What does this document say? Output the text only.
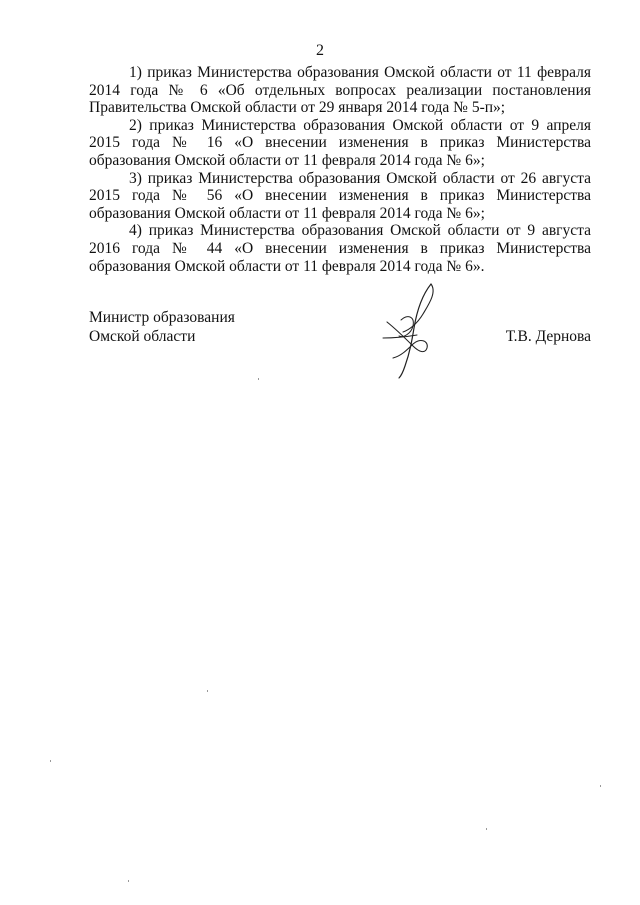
2

1) приказ Министерства образования Омской области от 11 февраля 2014 года № 6 «Об отдельных вопросах реализации постановления Правительства Омской области от 29 января 2014 года № 5-п»;

2) приказ Министерства образования Омской области от 9 апреля 2015 года № 16 «О внесении изменения в приказ Министерства образования Омской области от 11 февраля 2014 года № 6»;

3) приказ Министерства образования Омской области от 26 августа 2015 года № 56 «О внесении изменения в приказ Министерства образования Омской области от 11 февраля 2014 года № 6»;

4) приказ Министерства образования Омской области от 9 августа 2016 года № 44 «О внесении изменения в приказ Министерства образования Омской области от 11 февраля 2014 года № 6».

Министр образования
Омской области	Т.В. Дернова
